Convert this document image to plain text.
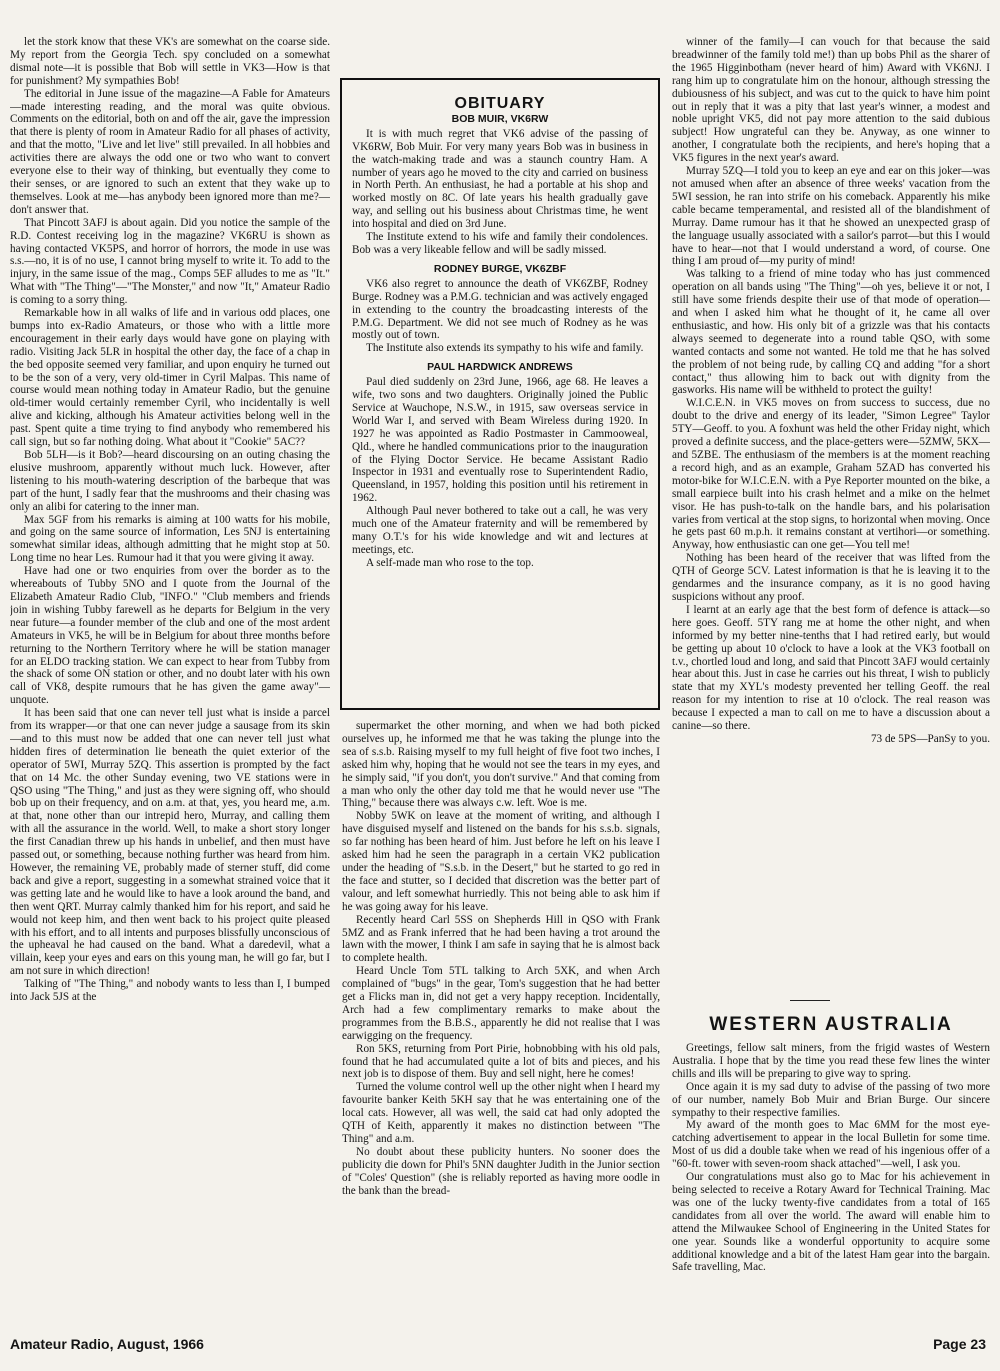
let the stork know that these VK's are somewhat on the coarse side. My report from the Georgia Tech. spy concluded on a somewhat dismal note—it is possible that Bob will settle in VK3—How is that for punishment? My sympathies Bob!

The editorial in June issue of the magazine—A Fable for Amateurs—made interesting reading, and the moral was quite obvious. Comments on the editorial, both on and off the air, gave the impression that there is plenty of room in Amateur Radio for all phases of activity, and that the motto, "Live and let live" still prevailed. In all hobbies and activities there are always the odd one or two who want to convert everyone else to their way of thinking, but eventually they come to their senses, or are ignored to such an extent that they wake up to themselves. Look at me—has anybody been ignored more than me?—don't answer that.

That Pincott 3AFJ is about again. Did you notice the sample of the R.D. Contest receiving log in the magazine? VK6RU is shown as having contacted VK5PS, and horror of horrors, the mode in use was s.s.—no, it is of no use, I cannot bring myself to write it. To add to the injury, in the same issue of the mag., Comps 5EF alludes to me as "It." What with "The Thing"—"The Monster," and now "It," Amateur Radio is coming to a sorry thing.

Remarkable how in all walks of life and in various odd places, one bumps into ex-Radio Amateurs, or those who with a little more encouragement in their early days would have gone on playing with radio. Visiting Jack 5LR in hospital the other day, the face of a chap in the bed opposite seemed very familiar, and upon enquiry he turned out to be the son of a very, very old-timer in Cyril Malpas. This name of course would mean nothing today in Amateur Radio, but the genuine old-timer would certainly remember Cyril, who incidentally is well alive and kicking, although his Amateur activities belong well in the past. Spent quite a time trying to find anybody who remembered his call sign, but so far nothing doing. What about it "Cookie" 5AC??

Bob 5LH—is it Bob?—heard discoursing on an outing chasing the elusive mushroom, apparently without much luck. However, after listening to his mouth-watering description of the barbeque that was part of the hunt, I sadly fear that the mushrooms and their chasing was only an alibi for catering to the inner man.

Max 5GF from his remarks is aiming at 100 watts for his mobile, and going on the same source of information, Les 5NJ is entertaining somewhat similar ideas, although admitting that he might stop at 50. Long time no hear Les. Rumour had it that you were giving it away.

Have had one or two enquiries from over the border as to the whereabouts of Tubby 5NO and I quote from the Journal of the Elizabeth Amateur Radio Club, "INFO." "Club members and friends join in wishing Tubby farewell as he departs for Belgium in the very near future—a founder member of the club and one of the most ardent Amateurs in VK5, he will be in Belgium for about three months before returning to the Northern Territory where he will be station manager for an ELDO tracking station. We can expect to hear from Tubby from the shack of some ON station or other, and no doubt later with his own call of VK8, despite rumours that he has given the game away"—unquote.

It has been said that one can never tell just what is inside a parcel from its wrapper—or that one can never judge a sausage from its skin—and to this must now be added that one can never tell just what hidden fires of determination lie beneath the quiet exterior of the operator of 5WI, Murray 5ZQ. This assertion is prompted by the fact that on 14 Mc. the other Sunday evening, two VE stations were in QSO using "The Thing," and just as they were signing off, who should bob up on their frequency, and on a.m. at that, yes, you heard me, a.m. at that, none other than our intrepid hero, Murray, and calling them with all the assurance in the world. Well, to make a short story longer the first Canadian threw up his hands in unbelief, and then must have passed out, or something, because nothing further was heard from him. However, the remaining VE, probably made of sterner stuff, did come back and give a report, suggesting in a somewhat strained voice that it was getting late and he would like to have a look around the band, and then went QRT. Murray calmly thanked him for his report, and said he would not keep him, and then went back to his project quite pleased with his effort, and to all intents and purposes blissfully unconscious of the upheaval he had caused on the band. What a daredevil, what a villain, keep your eyes and ears on this young man, he will go far, but I am not sure in which direction!

Talking of "The Thing," and nobody wants to less than I, I bumped into Jack 5JS at the

OBITUARY
BOB MUIR, VK6RW

It is with much regret that VK6 advise of the passing of VK6RW, Bob Muir. For very many years Bob was in business in the watch-making trade and was a staunch country Ham. A number of years ago he moved to the city and carried on business in North Perth. An enthusiast, he had a portable at his shop and worked mostly on 8C. Of late years his health gradually gave way, and selling out his business about Christmas time, he went into hospital and died on 3rd June.

The Institute extend to his wife and family their condolences. Bob was a very likeable fellow and will be sadly missed.

RODNEY BURGE, VK6ZBF

VK6 also regret to announce the death of VK6ZBF, Rodney Burge. Rodney was a P.M.G. technician and was actively engaged in extending to the country the broadcasting interests of the P.M.G. Department. We did not see much of Rodney as he was mostly out of town.

The Institute also extends its sympathy to his wife and family.

PAUL HARDWICK ANDREWS

Paul died suddenly on 23rd June, 1966, age 68. He leaves a wife, two sons and two daughters. Originally joined the Public Service at Wauchope, N.S.W., in 1915, saw overseas service in World War I, and served with Beam Wireless during 1920. In 1927 he was appointed as Radio Postmaster in Cammooweal, Qld., where he handled communications prior to the inauguration of the Flying Doctor Service. He became Assistant Radio Inspector in 1931 and eventually rose to Superintendent Radio, Queensland, in 1957, holding this position until his retirement in 1962.

Although Paul never bothered to take out a call, he was very much one of the Amateur fraternity and will be remembered by many O.T.'s for his wide knowledge and wit and lectures at meetings, etc.

A self-made man who rose to the top.

supermarket the other morning, and when we had both picked ourselves up, he informed me that he was taking the plunge into the sea of s.s.b. Raising myself to my full height of five foot two inches, I asked him why, hoping that he would not see the tears in my eyes, and he simply said, "if you don't, you don't survive." And that coming from a man who only the other day told me that he would never use "The Thing," because there was always c.w. left. Woe is me.

Nobby 5WK on leave at the moment of writing, and although I have disguised myself and listened on the bands for his s.s.b. signals, so far nothing has been heard of him. Just before he left on his leave I asked him had he seen the paragraph in a certain VK2 publication under the heading of "S.s.b. in the Desert," but he started to go red in the face and stutter, so I decided that discretion was the better part of valour, and left somewhat hurriedly. This not being able to ask him if he was going away for his leave.

Recently heard Carl 5SS on Shepherds Hill in QSO with Frank 5MZ and as Frank inferred that he had been having a trot around the lawn with the mower, I think I am safe in saying that he is almost back to complete health.

Heard Uncle Tom 5TL talking to Arch 5XK, and when Arch complained of "bugs" in the gear, Tom's suggestion that he had better get a Flicks man in, did not get a very happy reception. Incidentally, Arch had a few complimentary remarks to make about the programmes from the B.B.S., apparently he did not realise that I was earwigging on the frequency.

Ron 5KS, returning from Port Pirie, hobnobbing with his old pals, found that he had accumulated quite a lot of bits and pieces, and his next job is to dispose of them. Buy and sell night, here he comes!

Turned the volume control well up the other night when I heard my favourite banker Keith 5KH say that he was entertaining one of the local cats. However, all was well, the said cat had only adopted the QTH of Keith, apparently it makes no distinction between "The Thing" and a.m.

No doubt about these publicity hunters. No sooner does the publicity die down for Phil's 5NN daughter Judith in the Junior section of "Coles' Question" (she is reliably reported as having more oodle in the bank than the bread-

winner of the family—I can vouch for that because the said breadwinner of the family told me!) than up bobs Phil as the sharer of the 1965 Higginbotham (never heard of him) Award with VK6NJ. I rang him up to congratulate him on the honour, although stressing the dubiousness of his subject, and was cut to the quick to have him point out in reply that it was a pity that last year's winner, a modest and noble upright VK5, did not pay more attention to the said dubious subject! How ungrateful can they be. Anyway, as one winner to another, I congratulate both the recipients, and here's hoping that a VK5 figures in the next year's award.

Murray 5ZQ—I told you to keep an eye and ear on this joker—was not amused when after an absence of three weeks' vacation from the 5WI session, he ran into strife on his comeback. Apparently his mike cable became temperamental, and resisted all of the blandishment of Murray. Dame rumour has it that he showed an unexpected grasp of the language usually associated with a sailor's parrot—but this I would have to hear—not that I would understand a word, of course. One thing I am proud of—my purity of mind!

Was talking to a friend of mine today who has just commenced operation on all bands using "The Thing"—oh yes, believe it or not, I still have some friends despite their use of that mode of operation—and when I asked him what he thought of it, he came all over enthusiastic, and how. His only bit of a grizzle was that his contacts always seemed to degenerate into a round table QSO, with some wanted contacts and some not wanted. He told me that he has solved the problem of not being rude, by calling CQ and adding "for a short contact," thus allowing him to back out with dignity from the gasworks. His name will be withheld to protect the guilty!

W.I.C.E.N. in VK5 moves on from success to success, due no doubt to the drive and energy of its leader, "Simon Legree" Taylor 5TY—Geoff. to you. A foxhunt was held the other Friday night, which proved a definite success, and the place-getters were—5ZMW, 5KX—and 5ZBE. The enthusiasm of the members is at the moment reaching a record high, and as an example, Graham 5ZAD has converted his motor-bike for W.I.C.E.N. with a Pye Reporter mounted on the bike, a small earpiece built into his crash helmet and a mike on the helmet visor. He has push-to-talk on the handle bars, and his polarisation varies from vertical at the stop signs, to horizontal when moving. Once he gets past 60 m.p.h. it remains constant at vertihori—or something. Anyway, how enthusiastic can one get—You tell me!

Nothing has been heard of the receiver that was lifted from the QTH of George 5CV. Latest information is that he is leaving it to the gendarmes and the insurance company, as it is no good having suspicions without any proof.

I learnt at an early age that the best form of defence is attack—so here goes. Geoff. 5TY rang me at home the other night, and when informed by my better nine-tenths that I had retired early, but would be getting up about 10 o'clock to have a look at the VK3 football on t.v., chortled loud and long, and said that Pincott 3AFJ would certainly hear about this. Just in case he carries out his threat, I wish to publicly state that my XYL's modesty prevented her telling Geoff. the real reason for my intention to rise at 10 o'clock. The real reason was because I expected a man to call on me to have a discussion about a canine—so there.

73 de 5PS—PanSy to you.

WESTERN AUSTRALIA

Greetings, fellow salt miners, from the frigid wastes of Western Australia. I hope that by the time you read these few lines the winter chills and ills will be preparing to give way to spring.

Once again it is my sad duty to advise of the passing of two more of our number, namely Bob Muir and Brian Burge. Our sincere sympathy to their respective families.

My award of the month goes to Mac 6MM for the most eye-catching advertisement to appear in the local Bulletin for some time. Most of us did a double take when we read of his ingenious offer of a "60-ft. tower with seven-room shack attached"—well, I ask you.

Our congratulations must also go to Mac for his achievement in being selected to receive a Rotary Award for Technical Training. Mac was one of the lucky twenty-five candidates from a total of 165 candidates from all over the world. The award will enable him to attend the Milwaukee School of Engineering in the United States for one year. Sounds like a wonderful opportunity to acquire some additional knowledge and a bit of the latest Ham gear into the bargain. Safe travelling, Mac.

Amateur Radio, August, 1966	Page 23
